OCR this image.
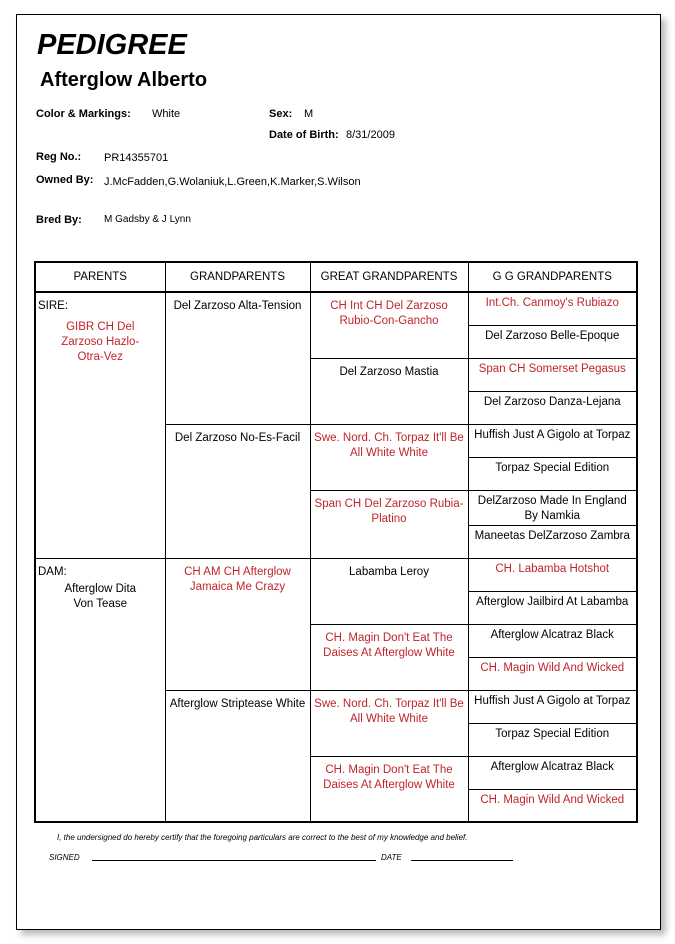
PEDIGREE
Afterglow Alberto
Color & Markings: White	Sex: M
Date of Birth: 8/31/2009
Reg No.: PR14355701
Owned By: J.McFadden,G.Wolaniuk,L.Green,K.Marker,S.Wilson
Bred By: M Gadsby & J Lynn
PARENTS	GRANDPARENTS	GREAT GRANDPARENTS	G G GRANDPARENTS

SIRE:
GIBR CH Del Zarzoso Hazlo-Otra-Vez	Del Zarzoso Alta-Tension	CH Int CH Del Zarzoso Rubio-Con-Gancho	Int.Ch. Canmoy's Rubiazo

			Del Zarzoso Belle-Epoque

		Del Zarzoso Mastia	Span CH Somerset Pegasus

			Del Zarzoso Danza-Lejana

	Del Zarzoso No-Es-Facil	Swe. Nord. Ch. Torpaz It'll Be All White White	Huffish Just A Gigolo at Torpaz

			Torpaz Special Edition

		Span CH Del Zarzoso Rubia-Platino	DelZarzoso Made In England By Namkia

			Maneetas DelZarzoso Zambra

DAM:
Afterglow Dita Von Tease	CH AM CH Afterglow Jamaica Me Crazy	Labamba Leroy	CH. Labamba Hotshot

			Afterglow Jailbird At Labamba

		CH. Magin Don't Eat The Daises At Afterglow White	Afterglow Alcatraz Black

			CH. Magin Wild And Wicked

	Afterglow Striptease White	Swe. Nord. Ch. Torpaz It'll Be All White White	Huffish Just A Gigolo at Torpaz

			Torpaz Special Edition

		CH. Magin Don't Eat The Daises At Afterglow White	Afterglow Alcatraz Black

			CH. Magin Wild And Wicked
I, the undersigned do hereby certify that the foregoing particulars are correct to the best of my knowledge and belief.
SIGNED	DATE
